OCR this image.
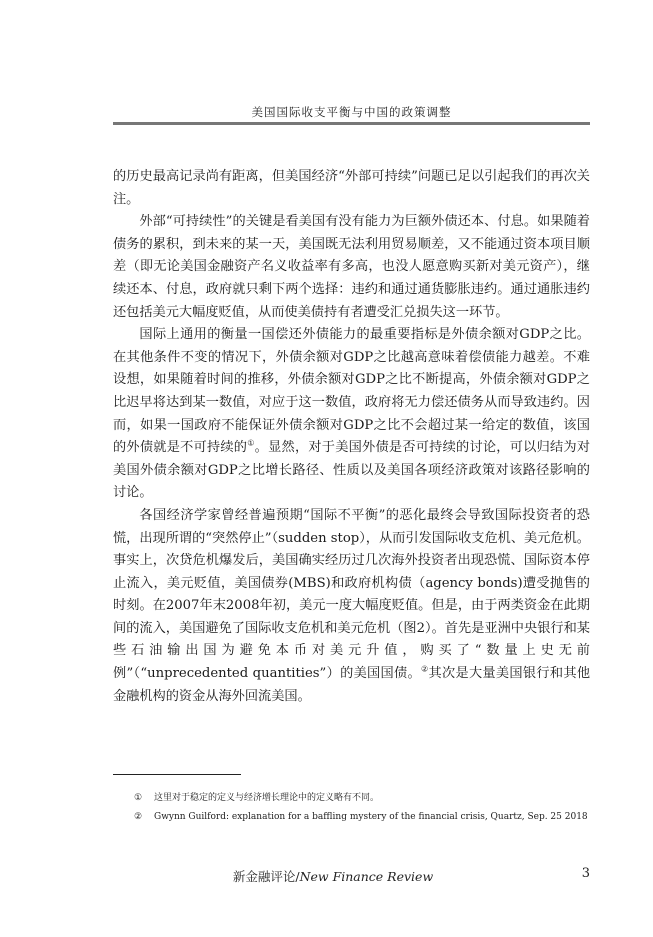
美国国际收支平衡与中国的政策调整

的历史最高记录尚有距离，但美国经济“外部可持续”问题已足以引起我们的再次关注。

外部“可持续性”的关键是看美国有没有能力为巨额外债还本、付息。如果随着债务的累积，到未来的某一天，美国既无法利用贸易顺差，又不能通过资本项目顺差（即无论美国金融资产名义收益率有多高，也没人愿意购买新对美元资产），继续还本、付息，政府就只剩下两个选择：违约和通过通货膨胀违约。通过通胀违约还包括美元大幅度贬值，从而使美债持有者遭受汇兑损失这一环节。

国际上通用的衡量一国偿还外债能力的最重要指标是外债余额对GDP之比。在其他条件不变的情况下，外债余额对GDP之比越高意味着偿债能力越差。不难设想，如果随着时间的推移，外债余额对GDP之比不断提高，外债余额对GDP之比迟早将达到某一数值，对应于这一数值，政府将无力偿还债务从而导致违约。因而，如果一国政府不能保证外债余额对GDP之比不会超过某一给定的数值，该国的外债就是不可持续的①。显然，对于美国外债是否可持续的讨论，可以归结为对美国外债余额对GDP之比增长路径、性质以及美国各项经济政策对该路径影响的讨论。

各国经济学家曾经普遍预期“国际不平衡”的恶化最终会导致国际投资者的恐慌，出现所谓的“突然停止”（sudden stop），从而引发国际收支危机、美元危机。事实上，次贷危机爆发后，美国确实经历过几次海外投资者出现恐慌、国际资本停止流入，美元贬值，美国债券(MBS)和政府机构债（agency bonds)遭受抛售的时刻。在2007年末2008年初，美元一度大幅度贬值。但是，由于两类资金在此期间的流入，美国避免了国际收支危机和美元危机（图2）。首先是亚洲中央银行和某些石油输出国为避免本币对美元升值，购买了“数量上史无前例”（“unprecedented quantities”）的美国国债。②其次是大量美国银行和其他金融机构的资金从海外回流美国。

①	这里对于稳定的定义与经济增长理论中的定义略有不同。
②	Gwynn Guilford: explanation for a baffling mystery of the financial crisis, Quartz, Sep. 25 2018
新金融评论/New Finance Review	3
